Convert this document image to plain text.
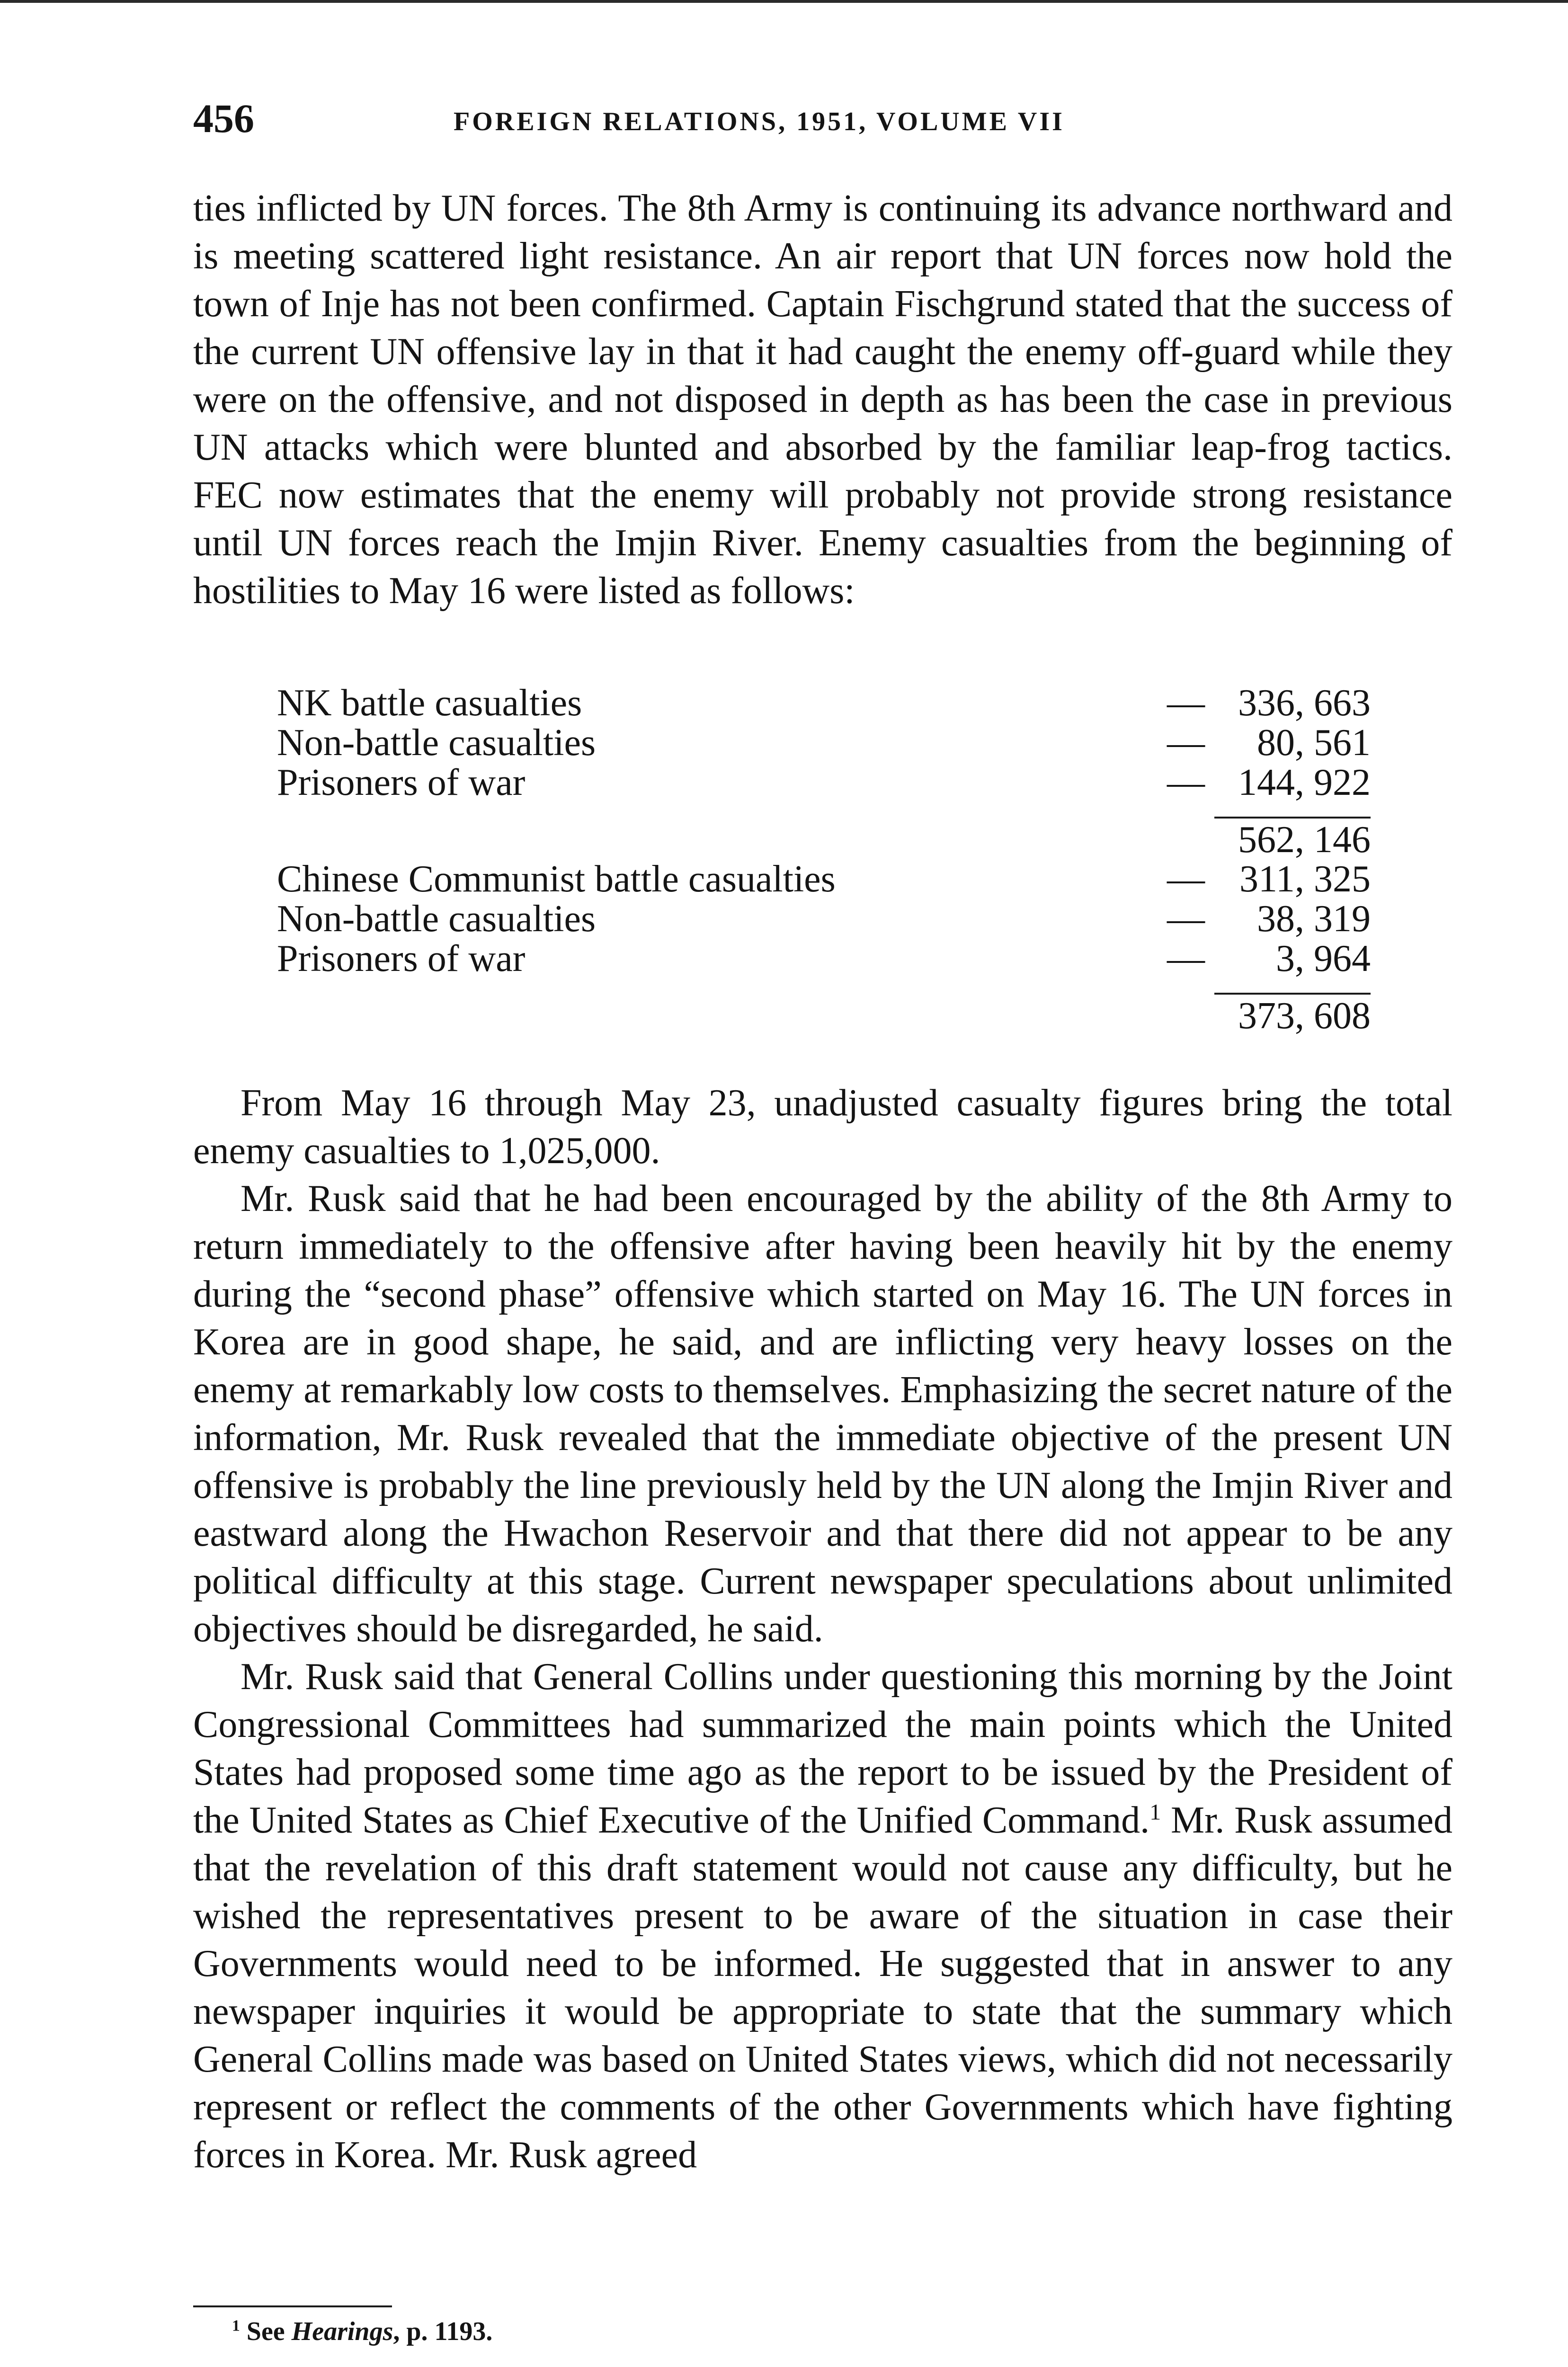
456	FOREIGN RELATIONS, 1951, VOLUME VII

ties inflicted by UN forces. The 8th Army is continuing its advance northward and is meeting scattered light resistance. An air report that UN forces now hold the town of Inje has not been confirmed. Captain Fischgrund stated that the success of the current UN offensive lay in that it had caught the enemy off-guard while they were on the offensive, and not disposed in depth as has been the case in previous UN attacks which were blunted and absorbed by the familiar leap-frog tactics. FEC now estimates that the enemy will probably not provide strong resistance until UN forces reach the Imjin River. Enemy casualties from the beginning of hostilities to May 16 were listed as follows:

NK battle casualties	— 336, 663
Non-battle casualties	— 80, 561
Prisoners of war	— 144, 922
562, 146
Chinese Communist battle casualties	— 311, 325
Non-battle casualties	— 38, 319
Prisoners of war	— 3, 964
373, 608

From May 16 through May 23, unadjusted casualty figures bring the total enemy casualties to 1,025,000.

Mr. Rusk said that he had been encouraged by the ability of the 8th Army to return immediately to the offensive after having been heavily hit by the enemy during the “second phase” offensive which started on May 16. The UN forces in Korea are in good shape, he said, and are inflicting very heavy losses on the enemy at remarkably low costs to themselves. Emphasizing the secret nature of the information, Mr. Rusk revealed that the immediate objective of the present UN offensive is probably the line previously held by the UN along the Imjin River and eastward along the Hwachon Reservoir and that there did not appear to be any political difficulty at this stage. Current newspaper speculations about unlimited objectives should be disregarded, he said.

Mr. Rusk said that General Collins under questioning this morning by the Joint Congressional Committees had summarized the main points which the United States had proposed some time ago as the report to be issued by the President of the United States as Chief Executive of the Unified Command.$^1$ Mr. Rusk assumed that the revelation of this draft statement would not cause any difficulty, but he wished the representatives present to be aware of the situation in case their Governments would need to be informed. He suggested that in answer to any newspaper inquiries it would be appropriate to state that the summary which General Collins made was based on United States views, which did not necessarily represent or reflect the comments of the other Governments which have fighting forces in Korea. Mr. Rusk agreed

$^1$ See Hearings, p. 1193.
